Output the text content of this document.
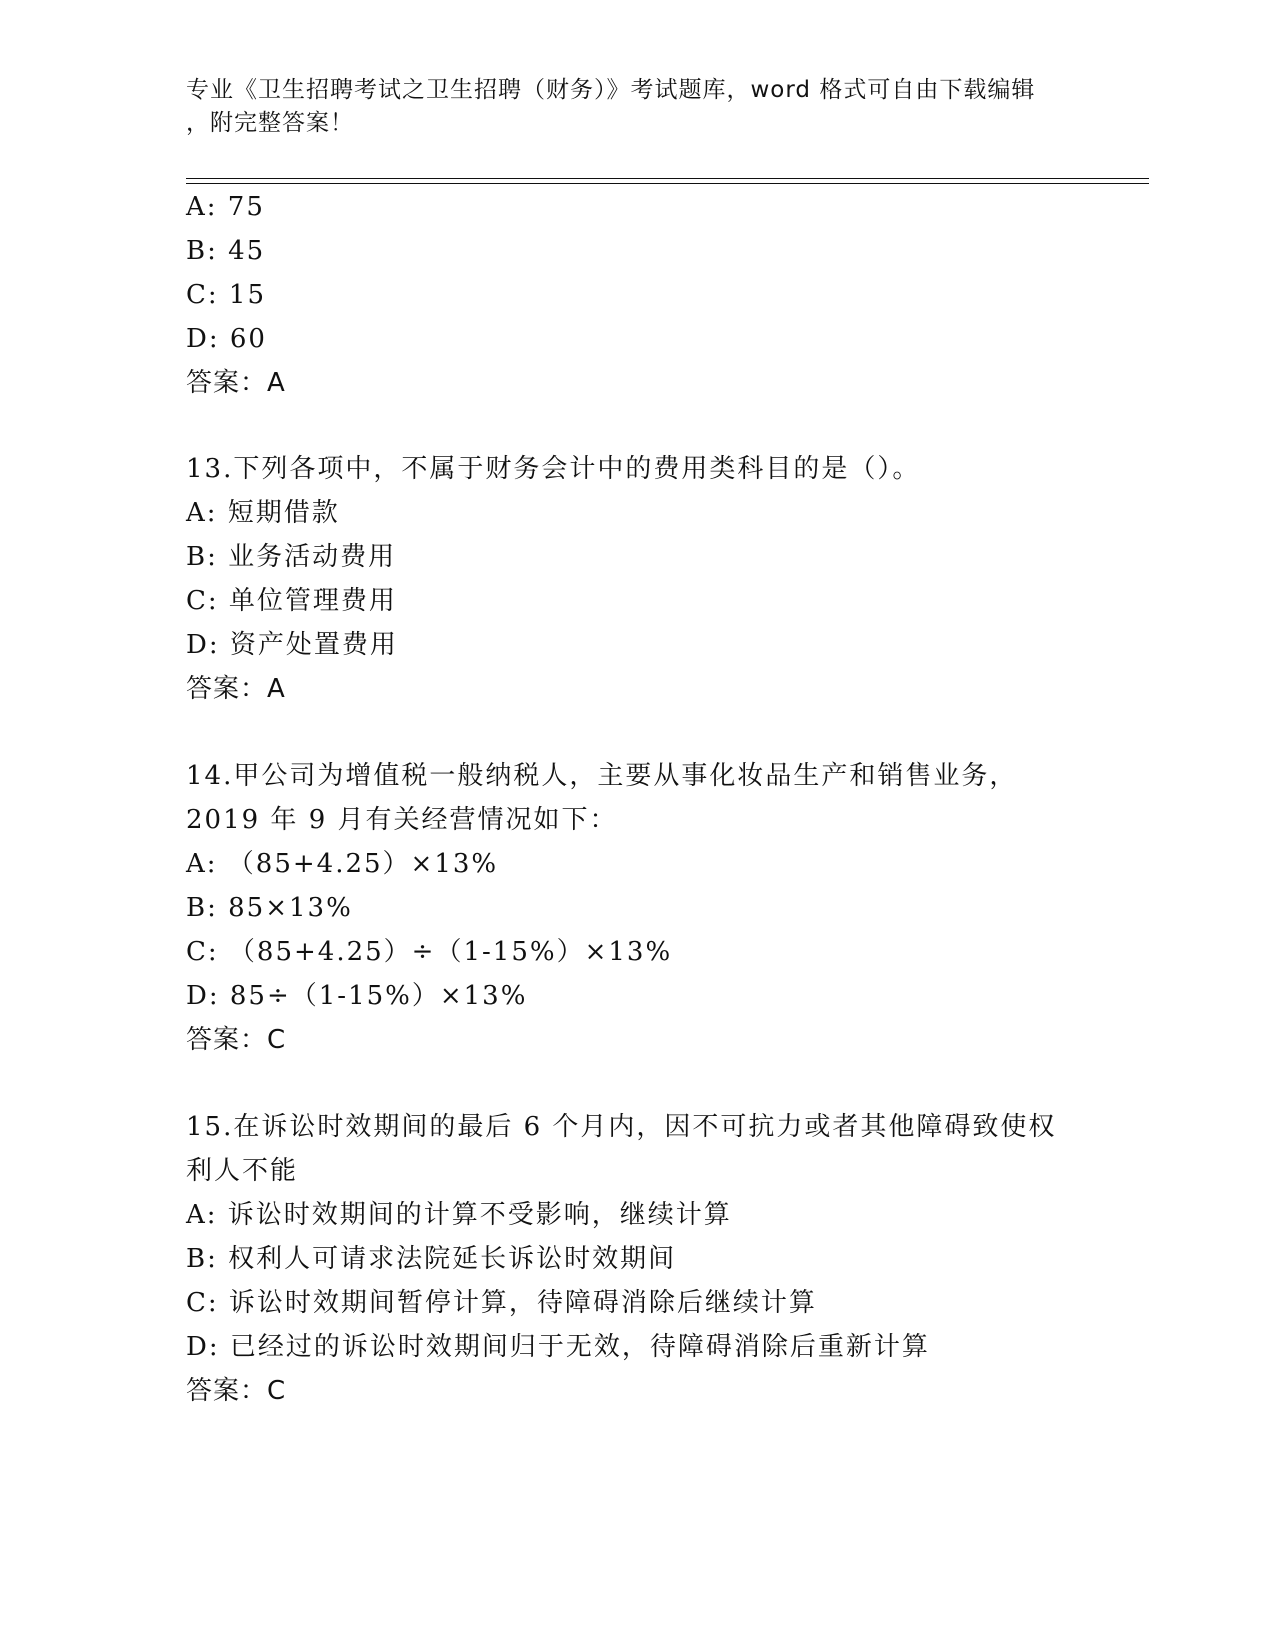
专业《卫生招聘考试之卫生招聘（财务）》考试题库，word 格式可自由下载编辑
，附完整答案！
A: 75
B: 45
C: 15
D: 60
答案：A
13.下列各项中，不属于财务会计中的费用类科目的是（）。
A: 短期借款
B: 业务活动费用
C: 单位管理费用
D: 资产处置费用
答案：A
14.甲公司为增值税一般纳税人，主要从事化妆品生产和销售业务，
2019 年 9 月有关经营情况如下：
A: （85+4.25）×13%
B: 85×13%
C: （85+4.25）÷（1-15%）×13%
D: 85÷（1-15%）×13%
答案：C
15.在诉讼时效期间的最后 6 个月内，因不可抗力或者其他障碍致使权
利人不能
A: 诉讼时效期间的计算不受影响，继续计算
B: 权利人可请求法院延长诉讼时效期间
C: 诉讼时效期间暂停计算，待障碍消除后继续计算
D: 已经过的诉讼时效期间归于无效，待障碍消除后重新计算
答案：C
